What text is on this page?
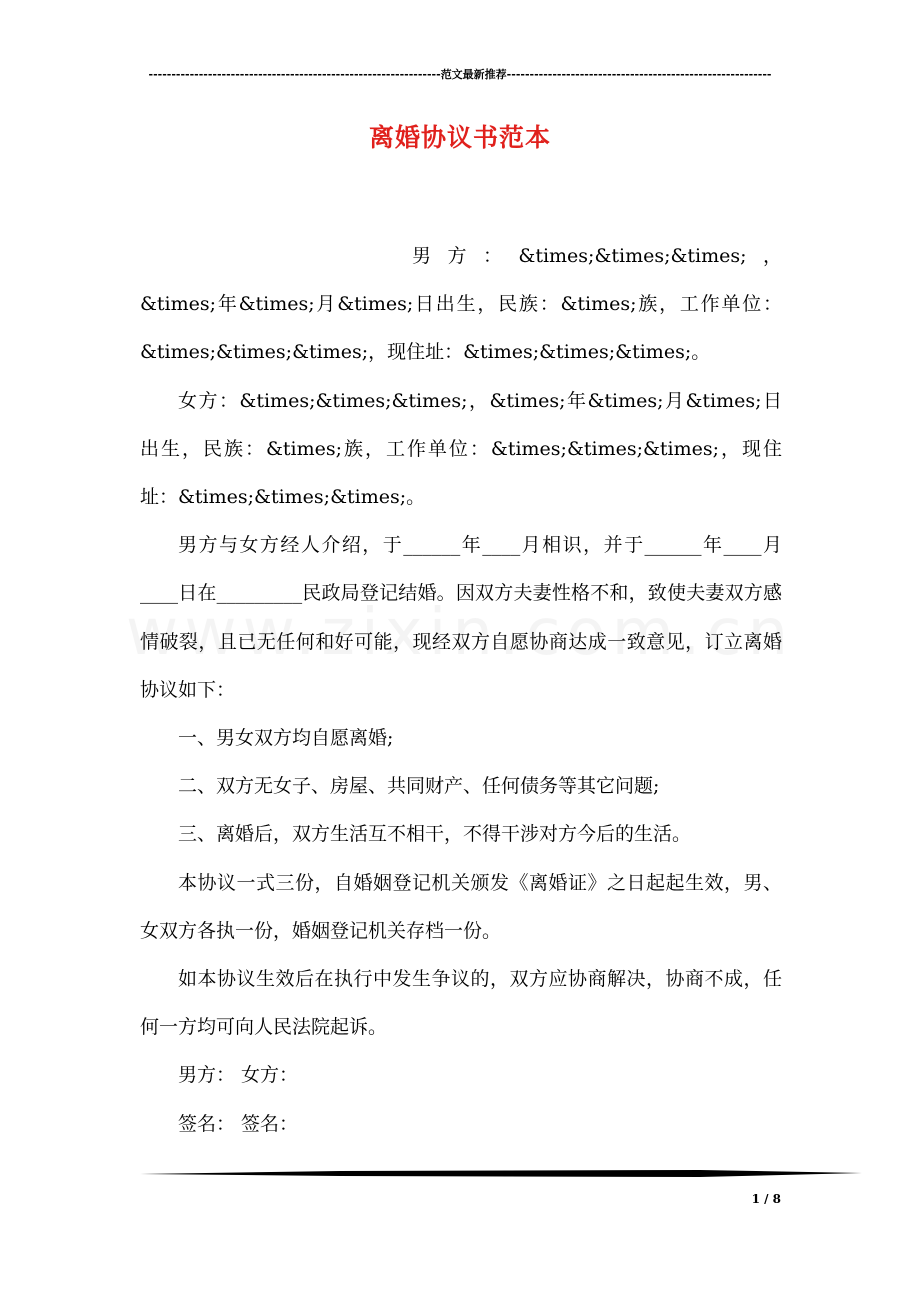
----------------------------------------------------------------范文最新推荐----------------------------------------------------------
离婚协议书范本

男方：&times;&times;&times;，&times;年&times;月&times;日出生，民族：&times;族，工作单位：&times;&times;&times;，现住址：&times;&times;&times;。

女方：&times;&times;&times;，&times;年&times;月&times;日出生，民族：&times;族，工作单位：&times;&times;&times;，现住址：&times;&times;&times;。

男方与女方经人介绍，于______年____月相识，并于______年____月____日在_________民政局登记结婚。因双方夫妻性格不和，致使夫妻双方感情破裂，且已无任何和好可能，现经双方自愿协商达成一致意见，订立离婚协议如下：

一、男女双方均自愿离婚;

二、双方无女子、房屋、共同财产、任何债务等其它问题;

三、离婚后，双方生活互不相干，不得干涉对方今后的生活。

本协议一式三份，自婚姻登记机关颁发《离婚证》之日起起生效，男、女双方各执一份，婚姻登记机关存档一份。

如本协议生效后在执行中发生争议的，双方应协商解决，协商不成，任何一方均可向人民法院起诉。

男方： 女方：

签名： 签名：

1 / 8
